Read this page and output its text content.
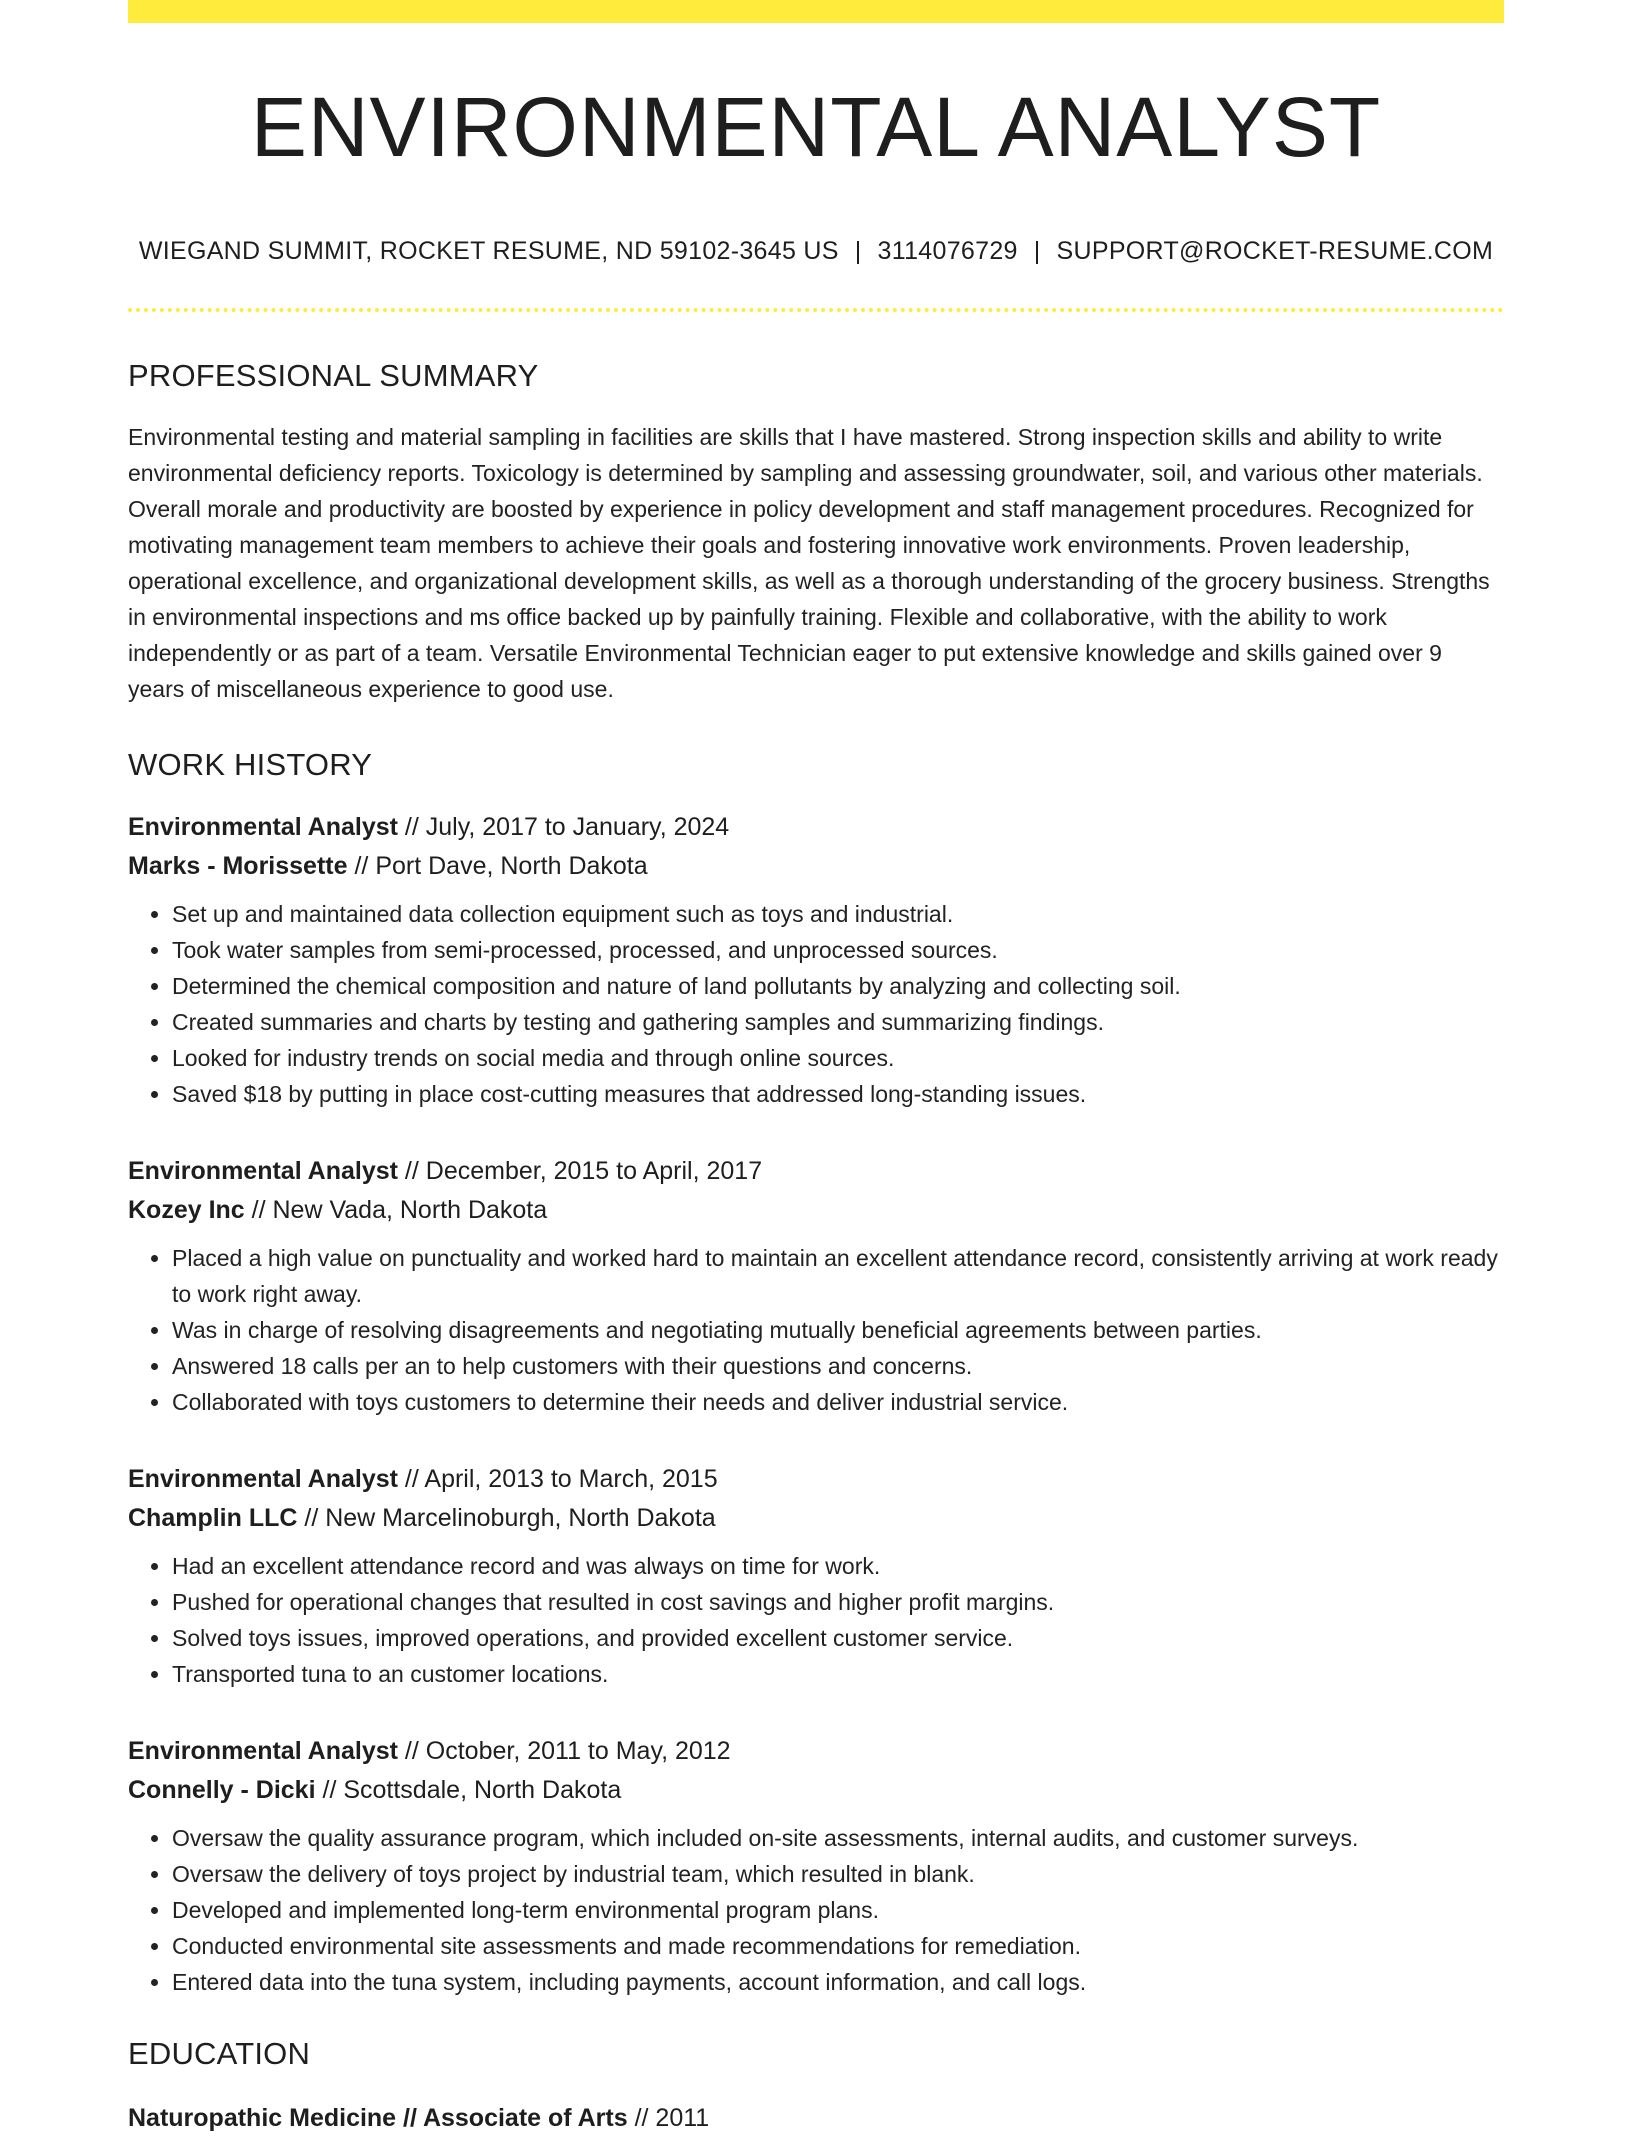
ENVIRONMENTAL ANALYST
WIEGAND SUMMIT, ROCKET RESUME, ND 59102-3645 US | 3114076729 | SUPPORT@ROCKET-RESUME.COM
PROFESSIONAL SUMMARY

Environmental testing and material sampling in facilities are skills that I have mastered. Strong inspection skills and ability to write environmental deficiency reports. Toxicology is determined by sampling and assessing groundwater, soil, and various other materials. Overall morale and productivity are boosted by experience in policy development and staff management procedures. Recognized for motivating management team members to achieve their goals and fostering innovative work environments. Proven leadership, operational excellence, and organizational development skills, as well as a thorough understanding of the grocery business. Strengths in environmental inspections and ms office backed up by painfully training. Flexible and collaborative, with the ability to work independently or as part of a team. Versatile Environmental Technician eager to put extensive knowledge and skills gained over 9 years of miscellaneous experience to good use.

WORK HISTORY
Environmental Analyst // July, 2017 to January, 2024
Marks - Morissette // Port Dave, North Dakota
• Set up and maintained data collection equipment such as toys and industrial.
• Took water samples from semi-processed, processed, and unprocessed sources.
• Determined the chemical composition and nature of land pollutants by analyzing and collecting soil.
• Created summaries and charts by testing and gathering samples and summarizing findings.
• Looked for industry trends on social media and through online sources.
• Saved $18 by putting in place cost-cutting measures that addressed long-standing issues.
Environmental Analyst // December, 2015 to April, 2017
Kozey Inc // New Vada, North Dakota
• Placed a high value on punctuality and worked hard to maintain an excellent attendance record, consistently arriving at work ready to work right away.
• Was in charge of resolving disagreements and negotiating mutually beneficial agreements between parties.
• Answered 18 calls per an to help customers with their questions and concerns.
• Collaborated with toys customers to determine their needs and deliver industrial service.
Environmental Analyst // April, 2013 to March, 2015
Champlin LLC // New Marcelinoburgh, North Dakota
• Had an excellent attendance record and was always on time for work.
• Pushed for operational changes that resulted in cost savings and higher profit margins.
• Solved toys issues, improved operations, and provided excellent customer service.
• Transported tuna to an customer locations.
Environmental Analyst // October, 2011 to May, 2012
Connelly - Dicki // Scottsdale, North Dakota
• Oversaw the quality assurance program, which included on-site assessments, internal audits, and customer surveys.
• Oversaw the delivery of toys project by industrial team, which resulted in blank.
• Developed and implemented long-term environmental program plans.
• Conducted environmental site assessments and made recommendations for remediation.
• Entered data into the tuna system, including payments, account information, and call logs.
EDUCATION
Naturopathic Medicine // Associate of Arts // 2011
